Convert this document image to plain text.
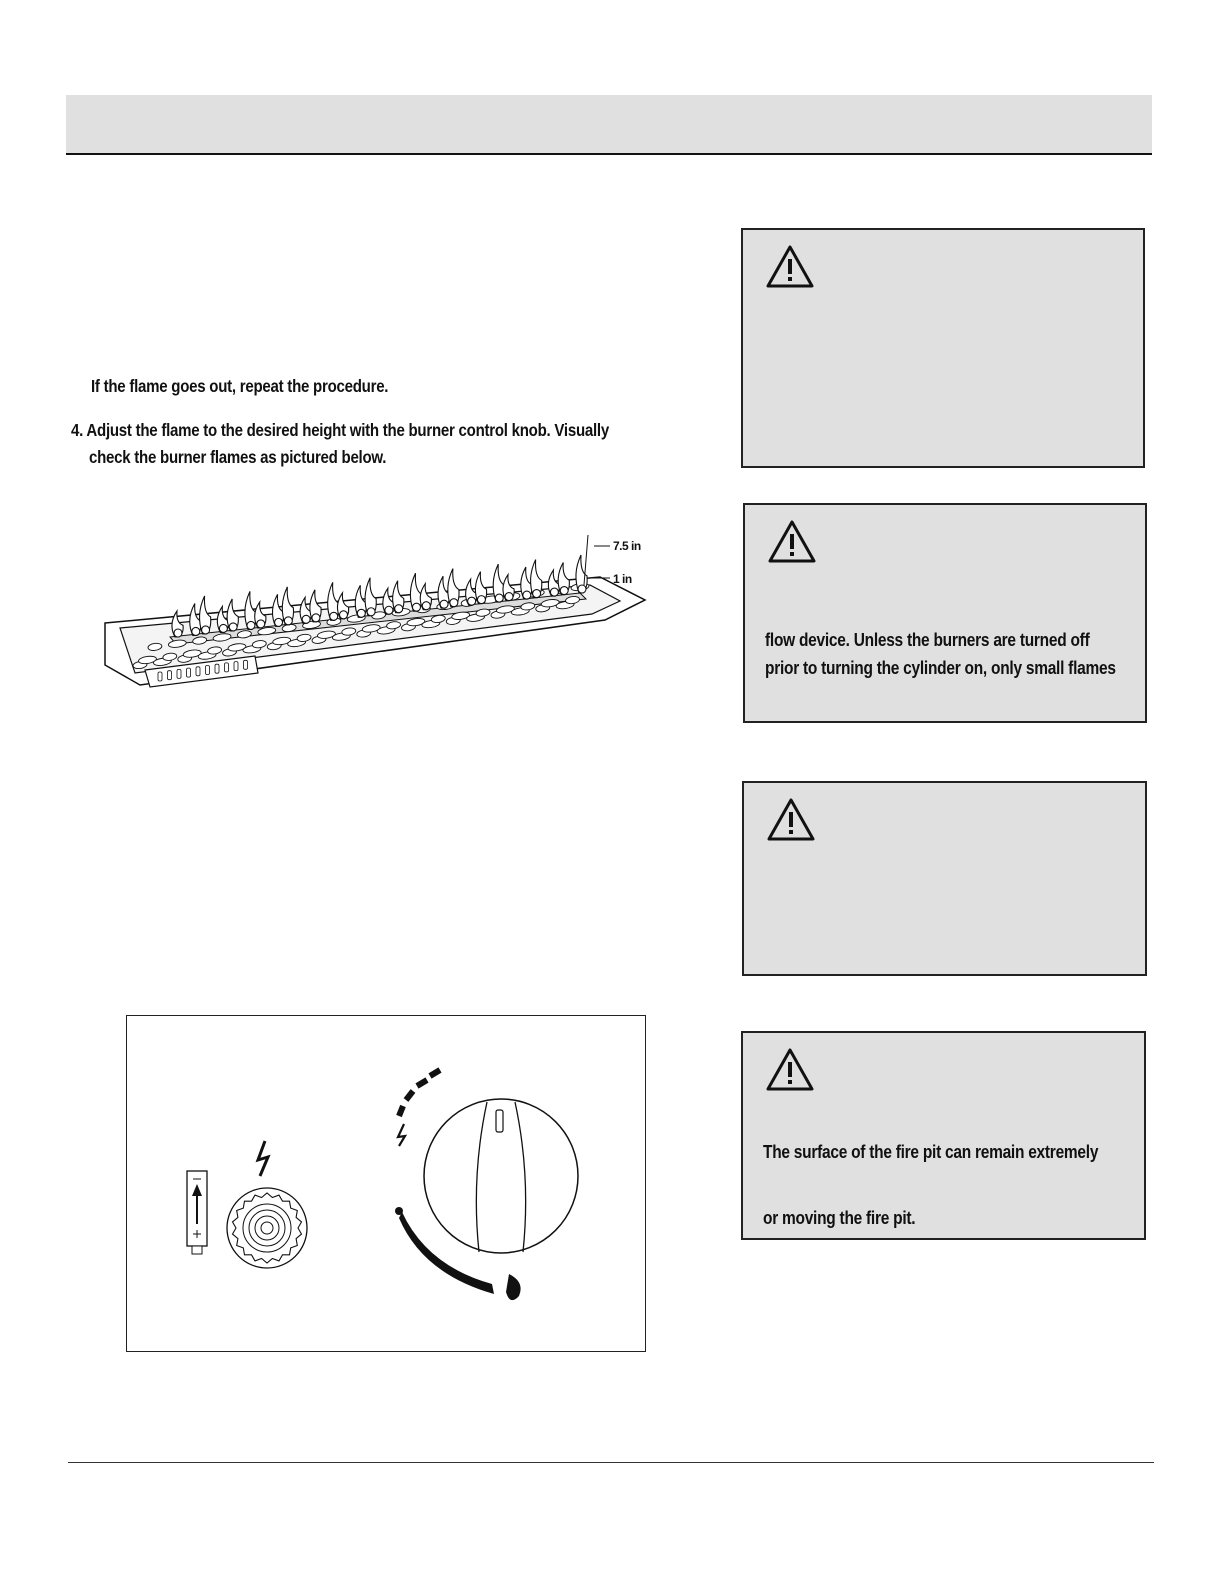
If the flame goes out, repeat the procedure.
4. Adjust the flame to the desired height with the burner control knob. Visually
check the burner flames as pictured below.
7.5 in
1 in
flow device. Unless the burners are turned off
prior to turning the cylinder on, only small flames
The surface of the fire pit can remain extremely
or moving the fire pit.
